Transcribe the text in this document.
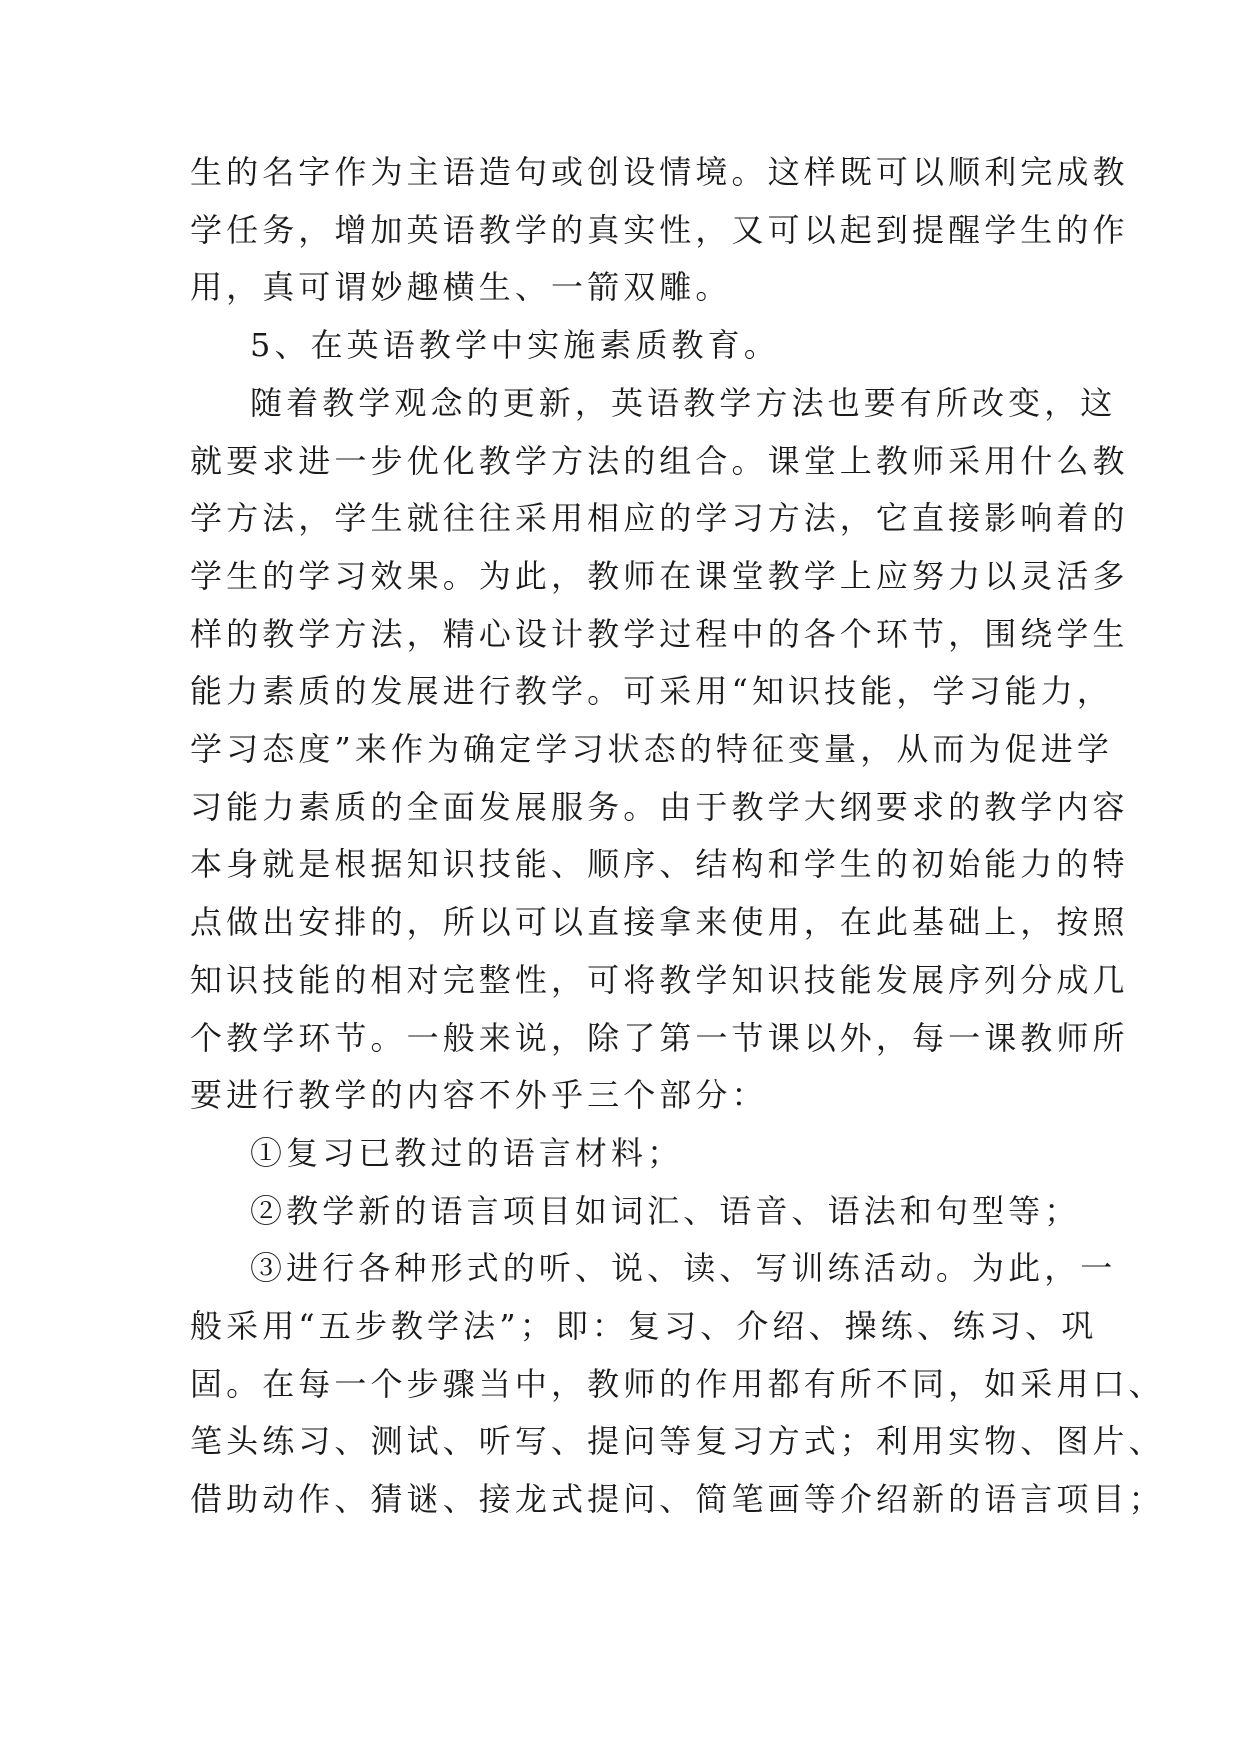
生的名字作为主语造句或创设情境。这样既可以顺利完成教
学任务，增加英语教学的真实性，又可以起到提醒学生的作
用，真可谓妙趣横生、一箭双雕。
5、在英语教学中实施素质教育。
随着教学观念的更新，英语教学方法也要有所改变，这
就要求进一步优化教学方法的组合。课堂上教师采用什么教
学方法，学生就往往采用相应的学习方法，它直接影响着的
学生的学习效果。为此，教师在课堂教学上应努力以灵活多
样的教学方法，精心设计教学过程中的各个环节，围绕学生
能力素质的发展进行教学。可采用“知识技能，学习能力，
学习态度”来作为确定学习状态的特征变量，从而为促进学
习能力素质的全面发展服务。由于教学大纲要求的教学内容
本身就是根据知识技能、顺序、结构和学生的初始能力的特
点做出安排的，所以可以直接拿来使用，在此基础上，按照
知识技能的相对完整性，可将教学知识技能发展序列分成几
个教学环节。一般来说，除了第一节课以外，每一课教师所
要进行教学的内容不外乎三个部分：
①复习已教过的语言材料；
②教学新的语言项目如词汇、语音、语法和句型等；
③进行各种形式的听、说、读、写训练活动。为此，一
般采用“五步教学法”；即：复习、介绍、操练、练习、巩
固。在每一个步骤当中，教师的作用都有所不同，如采用口、
笔头练习、测试、听写、提问等复习方式；利用实物、图片、
借助动作、猜谜、接龙式提问、简笔画等介绍新的语言项目；
